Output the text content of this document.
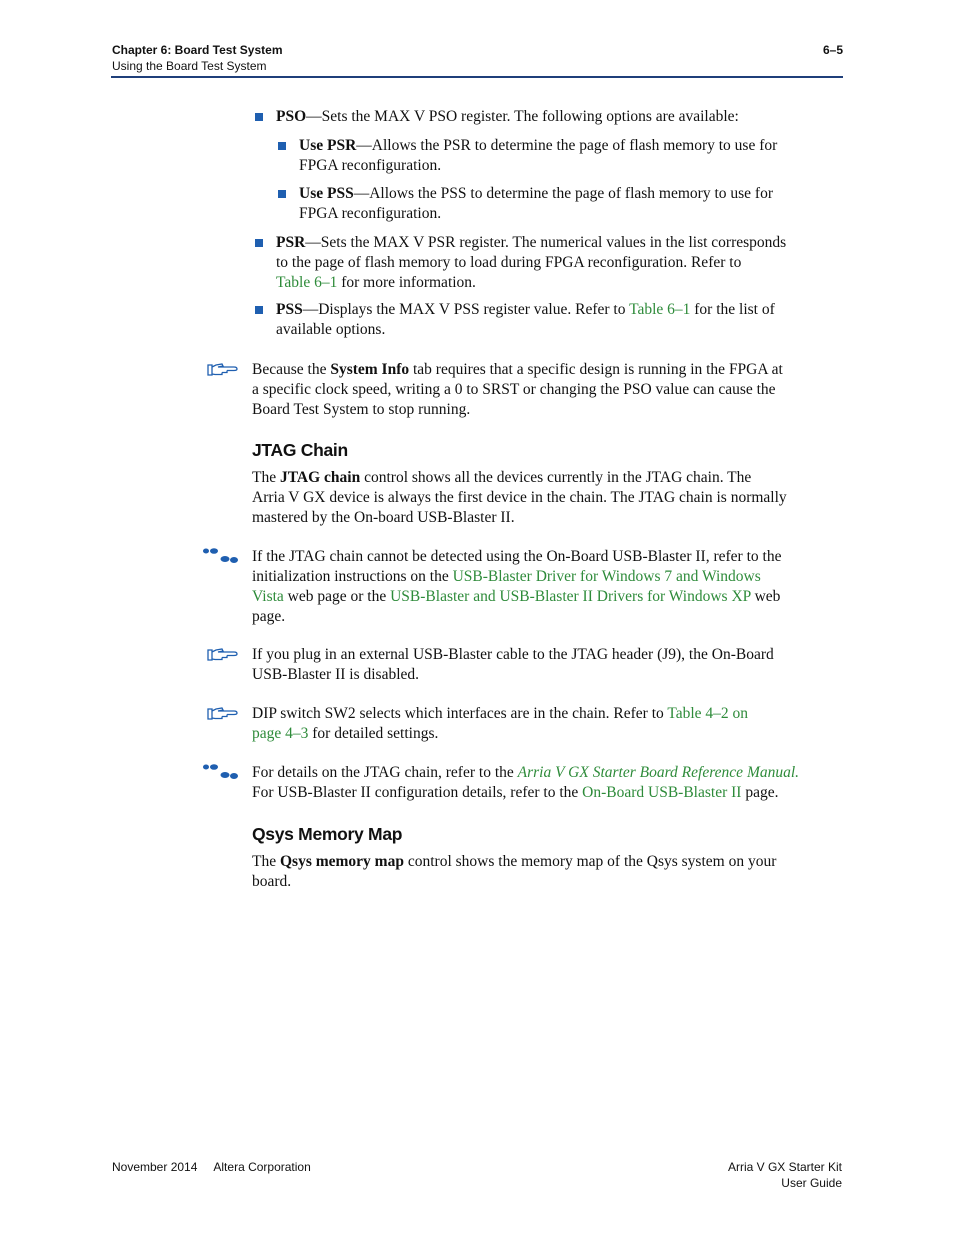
Chapter 6: Board Test System
Using the Board Test System
6–5
PSO—Sets the MAX V PSO register. The following options are available:
Use PSR—Allows the PSR to determine the page of flash memory to use for
FPGA reconfiguration.
Use PSS—Allows the PSS to determine the page of flash memory to use for
FPGA reconfiguration.
PSR—Sets the MAX V PSR register. The numerical values in the list corresponds
to the page of flash memory to load during FPGA reconfiguration. Refer to
Table 6–1 for more information.
PSS—Displays the MAX V PSS register value. Refer to Table 6–1 for the list of
available options.
Because the System Info tab requires that a specific design is running in the FPGA at
a specific clock speed, writing a 0 to SRST or changing the PSO value can cause the
Board Test System to stop running.
JTAG Chain
The JTAG chain control shows all the devices currently in the JTAG chain. The
Arria V GX device is always the first device in the chain. The JTAG chain is normally
mastered by the On-board USB-Blaster II.
If the JTAG chain cannot be detected using the On-Board USB-Blaster II, refer to the
initialization instructions on the USB-Blaster Driver for Windows 7 and Windows
Vista web page or the USB-Blaster and USB-Blaster II Drivers for Windows XP web
page.
If you plug in an external USB-Blaster cable to the JTAG header (J9), the On-Board
USB-Blaster II is disabled.
DIP switch SW2 selects which interfaces are in the chain. Refer to Table 4–2 on
page 4–3 for detailed settings.
For details on the JTAG chain, refer to the Arria V GX Starter Board Reference Manual.
For USB-Blaster II configuration details, refer to the On-Board USB-Blaster II page.
Qsys Memory Map
The Qsys memory map control shows the memory map of the Qsys system on your
board.
November 2014 Altera Corporation	Arria V GX Starter Kit
User Guide
